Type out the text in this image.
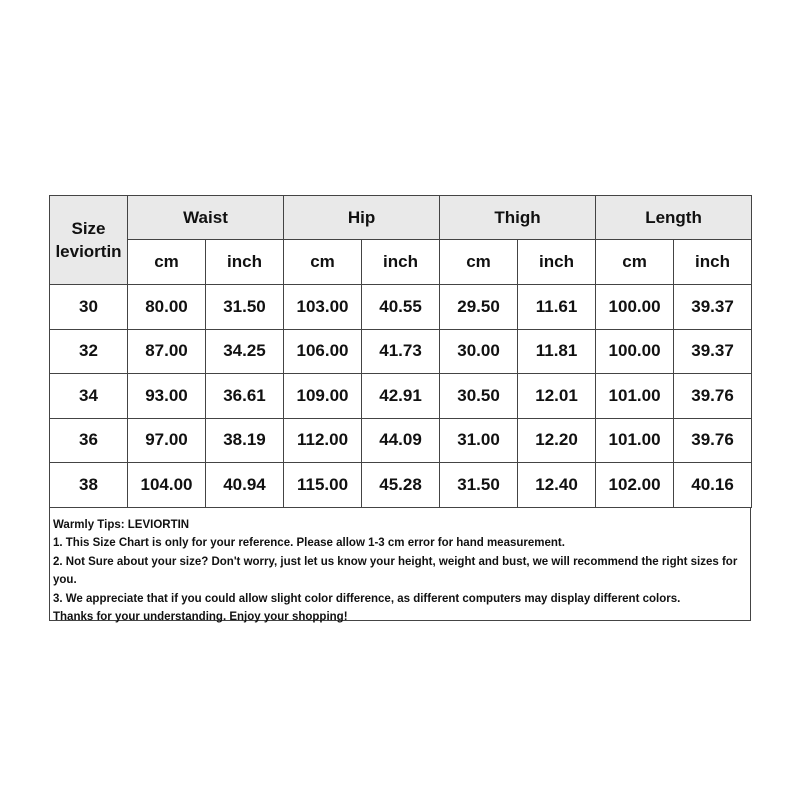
Size
leviortin	Waist		Hip		Thigh		Length	
	cm	inch	cm	inch	cm	inch	cm	inch
30	80.00	31.50	103.00	40.55	29.50	11.61	100.00	39.37
32	87.00	34.25	106.00	41.73	30.00	11.81	100.00	39.37
34	93.00	36.61	109.00	42.91	30.50	12.01	101.00	39.76
36	97.00	38.19	112.00	44.09	31.00	12.20	101.00	39.76
38	104.00	40.94	115.00	45.28	31.50	12.40	102.00	40.16

Warmly Tips: LEVIORTIN

1. This Size Chart is only for your reference. Please allow 1-3 cm error for hand measurement.

2. Not Sure about your size? Don't worry, just let us know your height, weight and bust, we will recommend the right sizes for you.

3. We appreciate that if you could allow slight color difference, as different computers may display different colors.

Thanks for your understanding. Enjoy your shopping!
